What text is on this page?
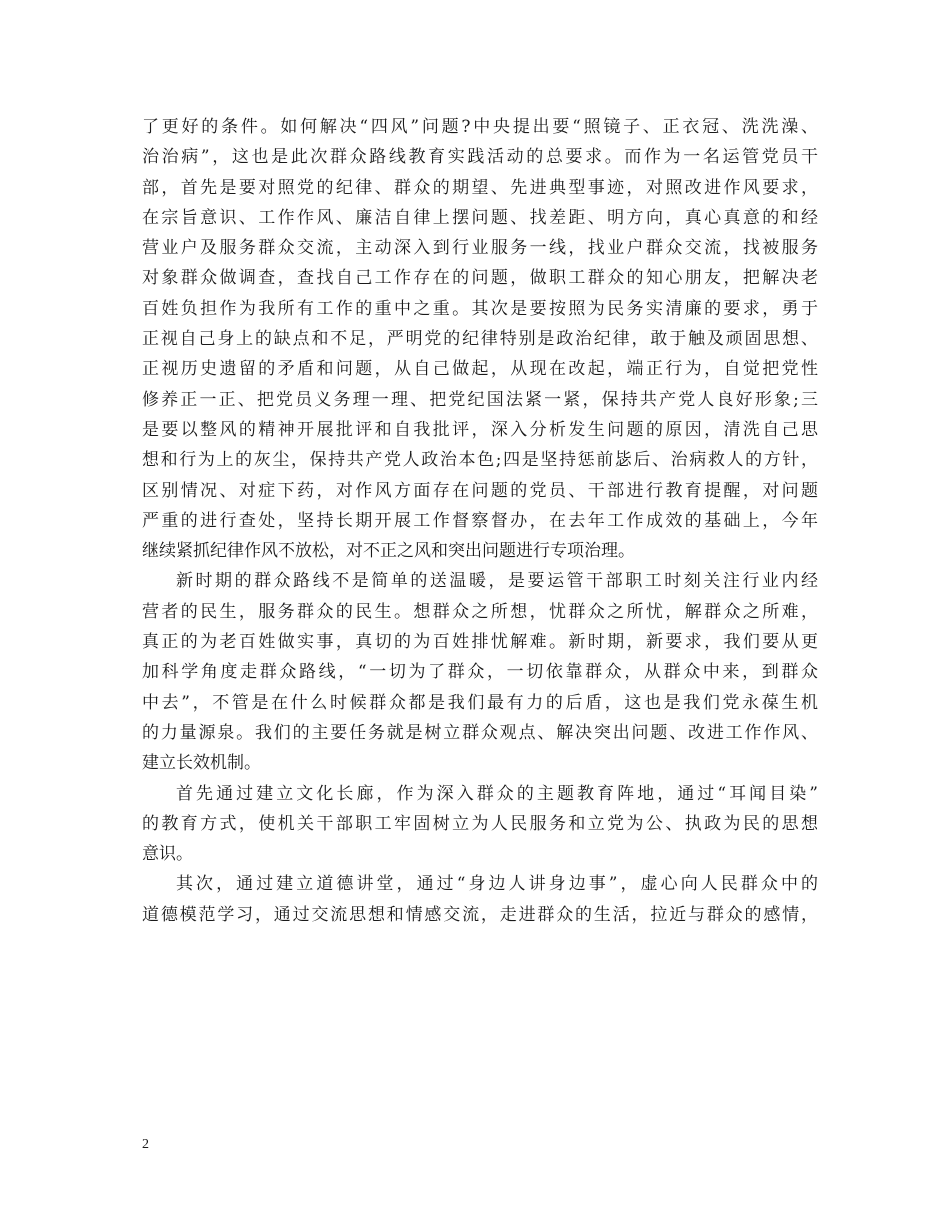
了更好的条件。如何解决“四风”问题?中央提出要“照镜子、正衣冠、洗洗澡、
治治病”，这也是此次群众路线教育实践活动的总要求。而作为一名运管党员干
部，首先是要对照党的纪律、群众的期望、先进典型事迹，对照改进作风要求，
在宗旨意识、工作作风、廉洁自律上摆问题、找差距、明方向，真心真意的和经
营业户及服务群众交流，主动深入到行业服务一线，找业户群众交流，找被服务
对象群众做调查，查找自己工作存在的问题，做职工群众的知心朋友，把解决老
百姓负担作为我所有工作的重中之重。其次是要按照为民务实清廉的要求，勇于
正视自己身上的缺点和不足，严明党的纪律特别是政治纪律，敢于触及顽固思想、
正视历史遗留的矛盾和问题，从自己做起，从现在改起，端正行为，自觉把党性
修养正一正、把党员义务理一理、把党纪国法紧一紧，保持共产党人良好形象;三
是要以整风的精神开展批评和自我批评，深入分析发生问题的原因，清洗自己思
想和行为上的灰尘，保持共产党人政治本色;四是坚持惩前毖后、治病救人的方针，
区别情况、对症下药，对作风方面存在问题的党员、干部进行教育提醒，对问题
严重的进行查处，坚持长期开展工作督察督办，在去年工作成效的基础上，今年
继续紧抓纪律作风不放松，对不正之风和突出问题进行专项治理。
新时期的群众路线不是简单的送温暖，是要运管干部职工时刻关注行业内经
营者的民生，服务群众的民生。想群众之所想，忧群众之所忧，解群众之所难，
真正的为老百姓做实事，真切的为百姓排忧解难。新时期，新要求，我们要从更
加科学角度走群众路线，“一切为了群众，一切依靠群众，从群众中来，到群众
中去”，不管是在什么时候群众都是我们最有力的后盾，这也是我们党永葆生机
的力量源泉。我们的主要任务就是树立群众观点、解决突出问题、改进工作作风、
建立长效机制。
首先通过建立文化长廊，作为深入群众的主题教育阵地，通过“耳闻目染”
的教育方式，使机关干部职工牢固树立为人民服务和立党为公、执政为民的思想
意识。
其次，通过建立道德讲堂，通过“身边人讲身边事”，虚心向人民群众中的
道德模范学习，通过交流思想和情感交流，走进群众的生活，拉近与群众的感情，
2
